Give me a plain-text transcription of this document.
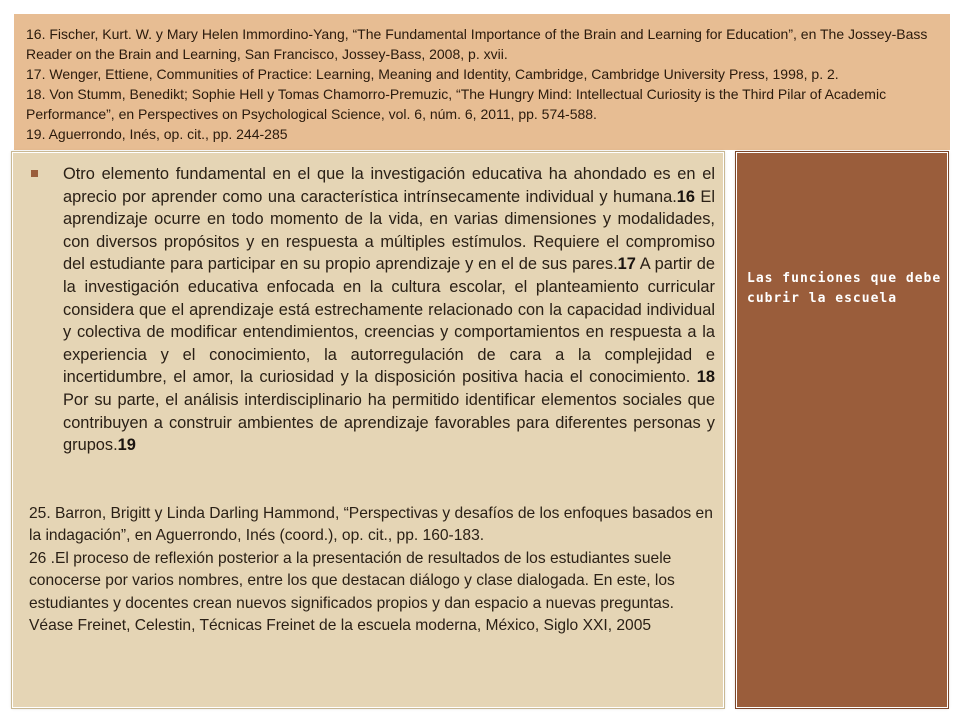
16. Fischer, Kurt. W. y Mary Helen Immordino-Yang, “The Fundamental Importance of the Brain and Learning for Education”, en The Jossey-Bass Reader on the Brain and Learning, San Francisco, Jossey-Bass, 2008, p. xvii.

17. Wenger, Ettiene, Communities of Practice: Learning, Meaning and Identity, Cambridge, Cambridge University Press, 1998, p. 2.

18. Von Stumm, Benedikt; Sophie Hell y Tomas Chamorro-Premuzic, “The Hungry Mind: Intellectual Curiosity is the Third Pilar of Academic Performance”, en Perspectives on Psychological Science, vol. 6, núm. 6, 2011, pp. 574-588.

19. Aguerrondo, Inés, op. cit., pp. 244-285

Otro elemento fundamental en el que la investigación educativa ha ahondado es en el aprecio por aprender como una característica intrínsecamente individual y humana.16 El aprendizaje ocurre en todo momento de la vida, en varias dimensiones y modalidades, con diversos propósitos y en respuesta a múltiples estímulos. Requiere el compromiso del estudiante para participar en su propio aprendizaje y en el de sus pares.17 A partir de la investigación educativa enfocada en la cultura escolar, el planteamiento curricular considera que el aprendizaje está estrechamente relacionado con la capacidad individual y colectiva de modificar entendimientos, creencias y comportamientos en respuesta a la experiencia y el conocimiento, la autorregulación de cara a la complejidad e incertidumbre, el amor, la curiosidad y la disposición positiva hacia el conocimiento. 18 Por su parte, el análisis interdisciplinario ha permitido identificar elementos sociales que contribuyen a construir ambientes de aprendizaje favorables para diferentes personas y grupos.19

25. Barron, Brigitt y Linda Darling Hammond, “Perspectivas y desafíos de los enfoques basados en la indagación”, en Aguerrondo, Inés (coord.), op. cit., pp. 160-183.

26 .El proceso de reflexión posterior a la presentación de resultados de los estudiantes suele conocerse por varios nombres, entre los que destacan diálogo y clase dialogada. En este, los estudiantes y docentes crean nuevos significados propios y dan espacio a nuevas preguntas. Véase Freinet, Celestin, Técnicas Freinet de la escuela moderna, México, Siglo XXI, 2005

Las funciones que debe cubrir la escuela
